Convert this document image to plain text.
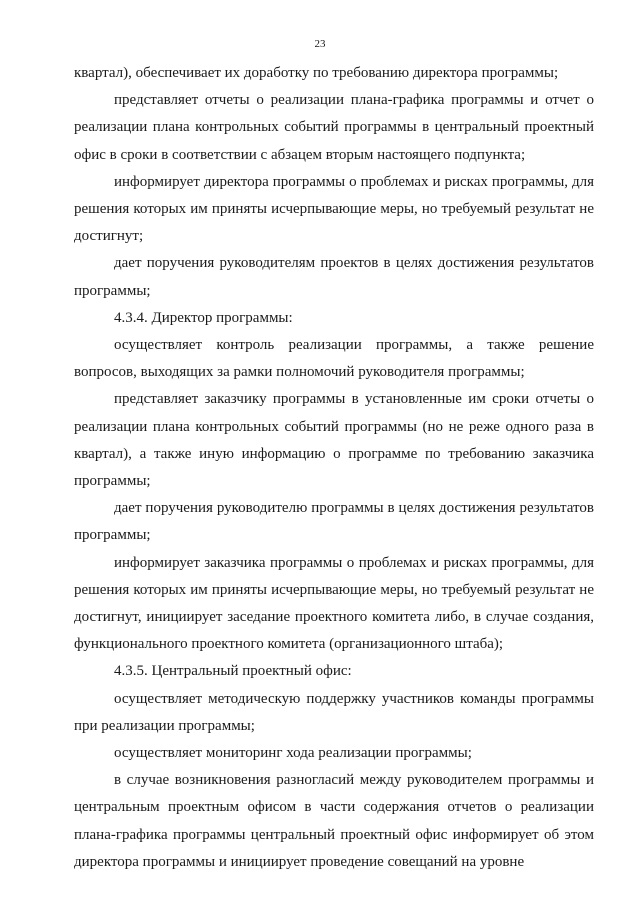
23

квартал), обеспечивает их доработку по требованию директора программы;

представляет отчеты о реализации плана-графика программы и отчет о реализации плана контрольных событий программы в центральный проектный офис в сроки в соответствии с абзацем вторым настоящего подпункта;

информирует директора программы о проблемах и рисках программы, для решения которых им приняты исчерпывающие меры, но требуемый результат не достигнут;

дает поручения руководителям проектов в целях достижения результатов программы;

4.3.4. Директор программы:

осуществляет контроль реализации программы, а также решение вопросов, выходящих за рамки полномочий руководителя программы;

представляет заказчику программы в установленные им сроки отчеты о реализации плана контрольных событий программы (но не реже одного раза в квартал), а также иную информацию о программе по требованию заказчика программы;

дает поручения руководителю программы в целях достижения результатов программы;

информирует заказчика программы о проблемах и рисках программы, для решения которых им приняты исчерпывающие меры, но требуемый результат не достигнут, инициирует заседание проектного комитета либо, в случае создания, функционального проектного комитета (организационного штаба);

4.3.5. Центральный проектный офис:

осуществляет методическую поддержку участников команды программы при реализации программы;

осуществляет мониторинг хода реализации программы;

в случае возникновения разногласий между руководителем программы и центральным проектным офисом в части содержания отчетов о реализации плана-графика программы центральный проектный офис информирует об этом директора программы и инициирует проведение совещаний на уровне
